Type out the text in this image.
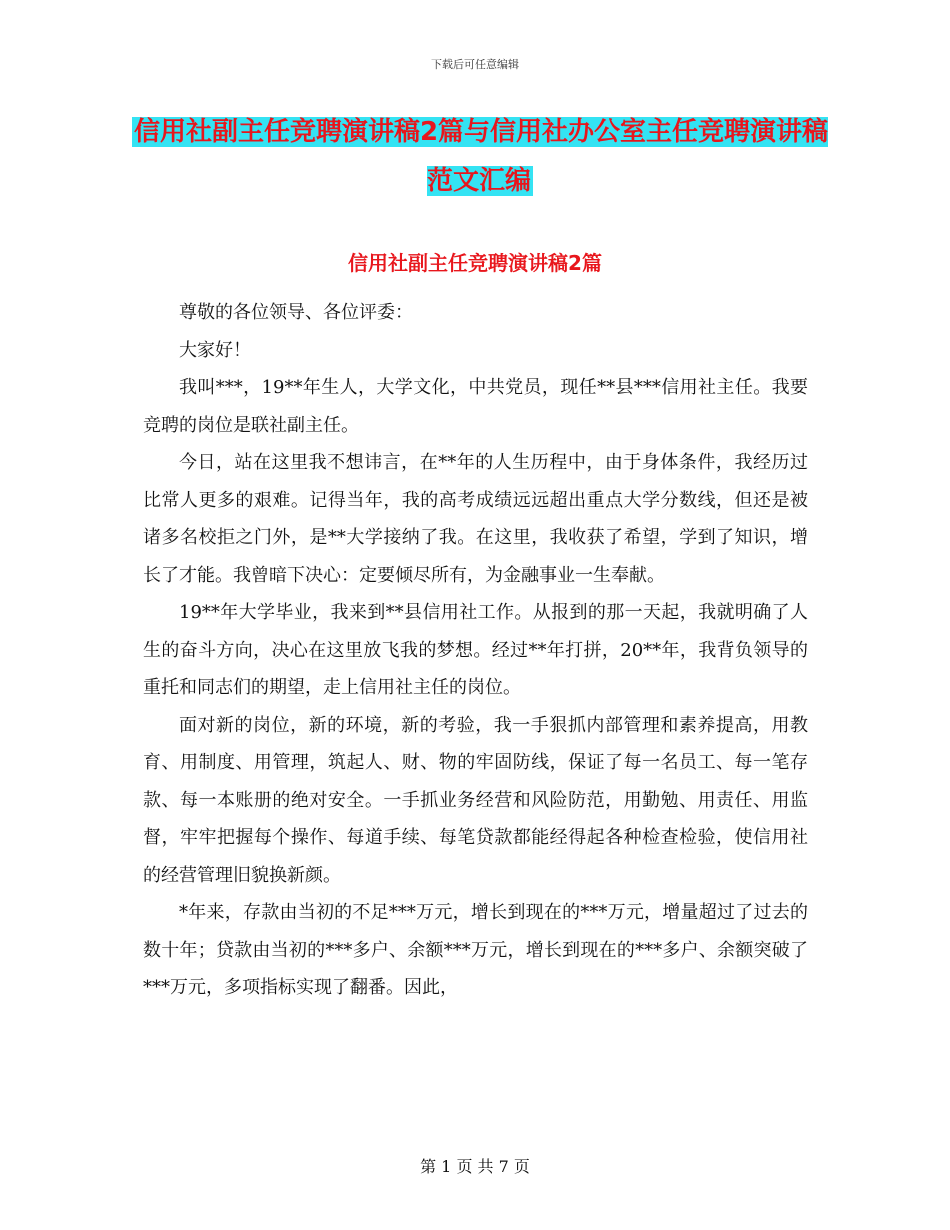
下载后可任意编辑
信用社副主任竞聘演讲稿2篇与信用社办公室主任竞聘演讲稿范文汇编
信用社副主任竞聘演讲稿2篇

尊敬的各位领导、各位评委：

大家好！

我叫***，19**年生人，大学文化，中共党员，现任**县***信用社主任。我要竞聘的岗位是联社副主任。

今日，站在这里我不想讳言，在**年的人生历程中，由于身体条件，我经历过比常人更多的艰难。记得当年，我的高考成绩远远超出重点大学分数线，但还是被诸多名校拒之门外，是**大学接纳了我。在这里，我收获了希望，学到了知识，增长了才能。我曾暗下决心：定要倾尽所有，为金融事业一生奉献。

19**年大学毕业，我来到**县信用社工作。从报到的那一天起，我就明确了人生的奋斗方向，决心在这里放飞我的梦想。经过**年打拼，20**年，我背负领导的重托和同志们的期望，走上信用社主任的岗位。

面对新的岗位，新的环境，新的考验，我一手狠抓内部管理和素养提高，用教育、用制度、用管理，筑起人、财、物的牢固防线，保证了每一名员工、每一笔存款、每一本账册的绝对安全。一手抓业务经营和风险防范，用勤勉、用责任、用监督，牢牢把握每个操作、每道手续、每笔贷款都能经得起各种检查检验，使信用社的经营管理旧貌换新颜。

*年来，存款由当初的不足***万元，增长到现在的***万元，增量超过了过去的数十年；贷款由当初的***多户、余额***万元，增长到现在的***多户、余额突破了***万元，多项指标实现了翻番。因此，

第 1 页 共 7 页
